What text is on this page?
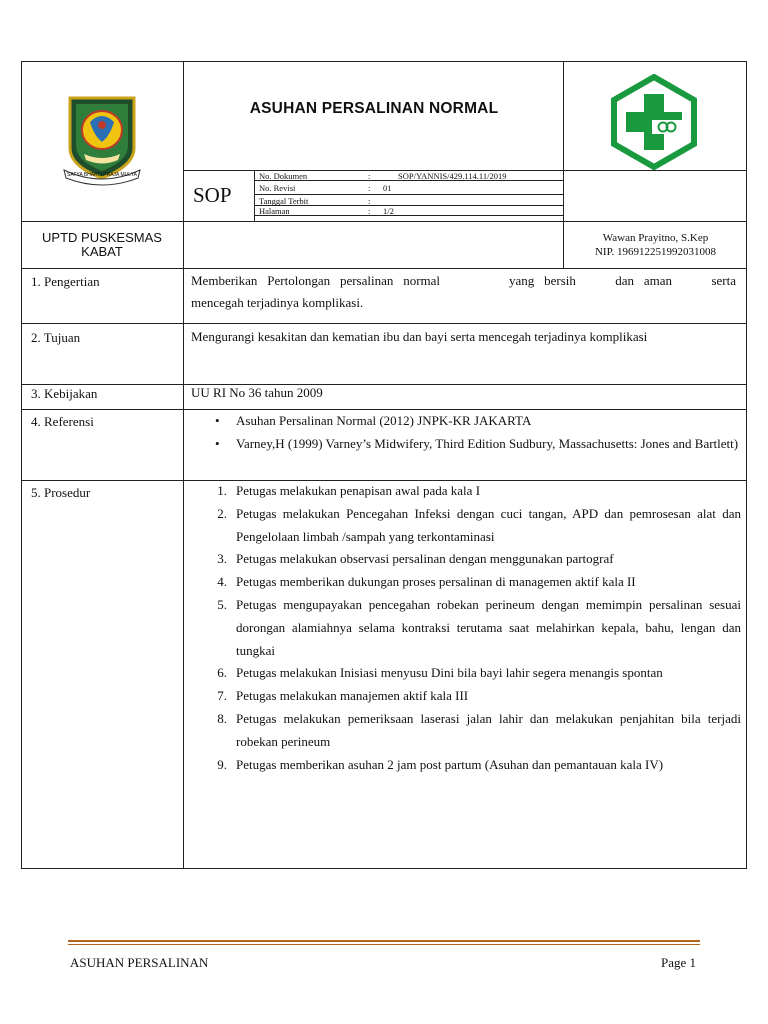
SATYA BHAKTI PRAJA MULYA
ASUHAN PERSALINAN NORMAL
SOP
No. Dokumen	:	SOP/YANNIS/429.114.11/2019
No. Revisi	: 01
Tanggal Terbit	:
Halaman	: 1/2
UPTD PUSKESMAS
KABAT
Wawan Prayitno, S.Kep
NIP. 196912251992031008
1. Pengertian	Memberikan Pertolongan persalinan normal       yang bersih    dan aman    serta
mencegah terjadinya komplikasi.
2. Tujuan	Mengurangi kesakitan dan kematian ibu dan bayi serta mencegah terjadinya komplikasi
3. Kebijakan	UU RI No 36 tahun 2009
4. Referensi	• Asuhan Persalinan Normal (2012) JNPK-KR JAKARTA
• Varney,H (1999) Varney’s Midwifery, Third Edition Sudbury, Massachusetts: Jones and Bartlett)
5. Prosedur	1. Petugas melakukan penapisan awal pada kala I
2. Petugas melakukan Pencegahan Infeksi dengan cuci tangan, APD dan pemrosesan alat dan Pengelolaan limbah /sampah yang terkontaminasi
3. Petugas melakukan observasi persalinan dengan menggunakan partograf
4. Petugas memberikan dukungan proses persalinan di managemen aktif kala II
5. Petugas mengupayakan pencegahan robekan perineum dengan memimpin persalinan sesuai dorongan alamiahnya selama kontraksi terutama saat melahirkan kepala, bahu, lengan dan tungkai
6. Petugas melakukan Inisiasi menyusu Dini bila bayi lahir segera menangis spontan
7. Petugas melakukan manajemen aktif kala III
8. Petugas melakukan pemeriksaan laserasi jalan lahir dan melakukan penjahitan bila terjadi robekan perineum
9. Petugas memberikan asuhan 2 jam post partum (Asuhan dan pemantauan kala IV)
ASUHAN PERSALINAN	Page 1
